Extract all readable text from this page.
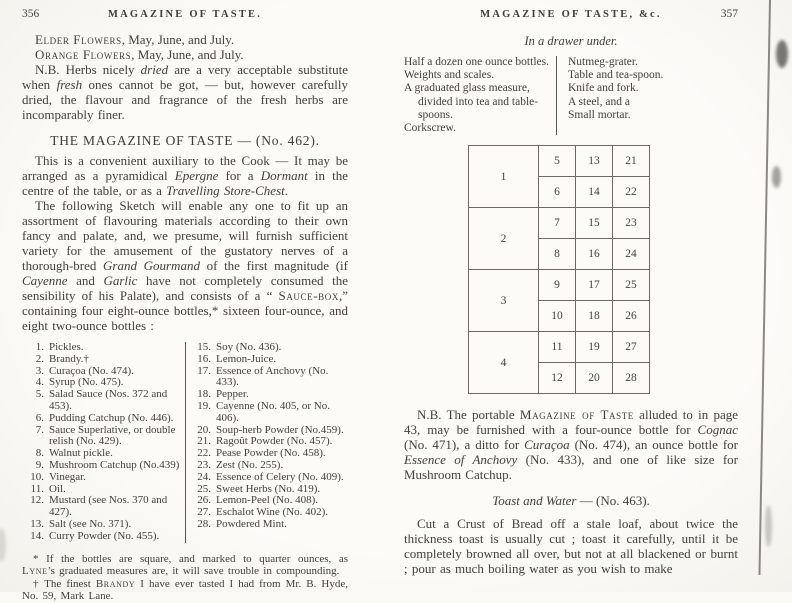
356	MAGAZINE OF TASTE.
Elder Flowers, May, June, and July.
Orange Flowers, May, June, and July.
N.B. Herbs nicely dried are a very acceptable substitute when fresh ones cannot be got, — but, however carefully dried, the flavour and fragrance of the fresh herbs are incomparably finer.
THE MAGAZINE OF TASTE — (No. 462).
This is a convenient auxiliary to the Cook — It may be arranged as a pyramidical Epergne for a Dormant in the centre of the table, or as a Travelling Store-Chest.
The following Sketch will enable any one to fit up an assortment of flavouring materials according to their own fancy and palate, and, we presume, will furnish sufficient variety for the amusement of the gustatory nerves of a thorough-bred Grand Gourmand of the first magnitude (if Cayenne and Garlic have not completely consumed the sensibility of his Palate), and consists of a “ Sauce-box,” containing four eight-ounce bottles,* sixteen four-ounce, and eight two-ounce bottles :
1. Pickles.
2. Brandy.†
3. Curaçoa (No. 474).
4. Syrup (No. 475).
5. Salad Sauce (Nos. 372 and 453).
6. Pudding Catchup (No. 446).
7. Sauce Superlative, or double relish (No. 429).
8. Walnut pickle.
9. Mushroom Catchup (No.439)
10. Vinegar.
11. Oil.
12. Mustard (see Nos. 370 and 427).
13. Salt (see No. 371).
14. Curry Powder (No. 455).
15. Soy (No. 436).
16. Lemon-Juice.
17. Essence of Anchovy (No. 433).
18. Pepper.
19. Cayenne (No. 405, or No. 406).
20. Soup-herb Powder (No.459).
21. Ragoût Powder (No. 457).
22. Pease Powder (No. 458).
23. Zest (No. 255).
24. Essence of Celery (No. 409).
25. Sweet Herbs (No. 419).
26. Lemon-Peel (No. 408).
27. Eschalot Wine (No. 402).
28. Powdered Mint.
* If the bottles are square, and marked to quarter ounces, as Lyne’s graduated measures are, it will save trouble in compounding.
† The finest Brandy I have ever tasted I had from Mr. B. Hyde, No. 59, Mark Lane.
MAGAZINE OF TASTE, &c.	357
In a drawer under.
Half a dozen one ounce bottles.
Weights and scales.
A graduated glass measure, divided into tea and table-spoons.
Corkscrew.
Nutmeg-grater.
Table and tea-spoon.
Knife and fork.
A steel, and a
Small mortar.
1	5	13	21
	6	14	22
2	7	15	23
	8	16	24
3	9	17	25
	10	18	26
4	11	19	27
	12	20	28
N.B. The portable Magazine of Taste alluded to in page 43, may be furnished with a four-ounce bottle for Cognac (No. 471), a ditto for Curaçoa (No. 474), an ounce bottle for Essence of Anchovy (No. 433), and one of like size for Mushroom Catchup.
Toast and Water — (No. 463).
Cut a Crust of Bread off a stale loaf, about twice the thickness toast is usually cut ; toast it carefully, until it be completely browned all over, but not at all blackened or burnt ; pour as much boiling water as you wish to make
